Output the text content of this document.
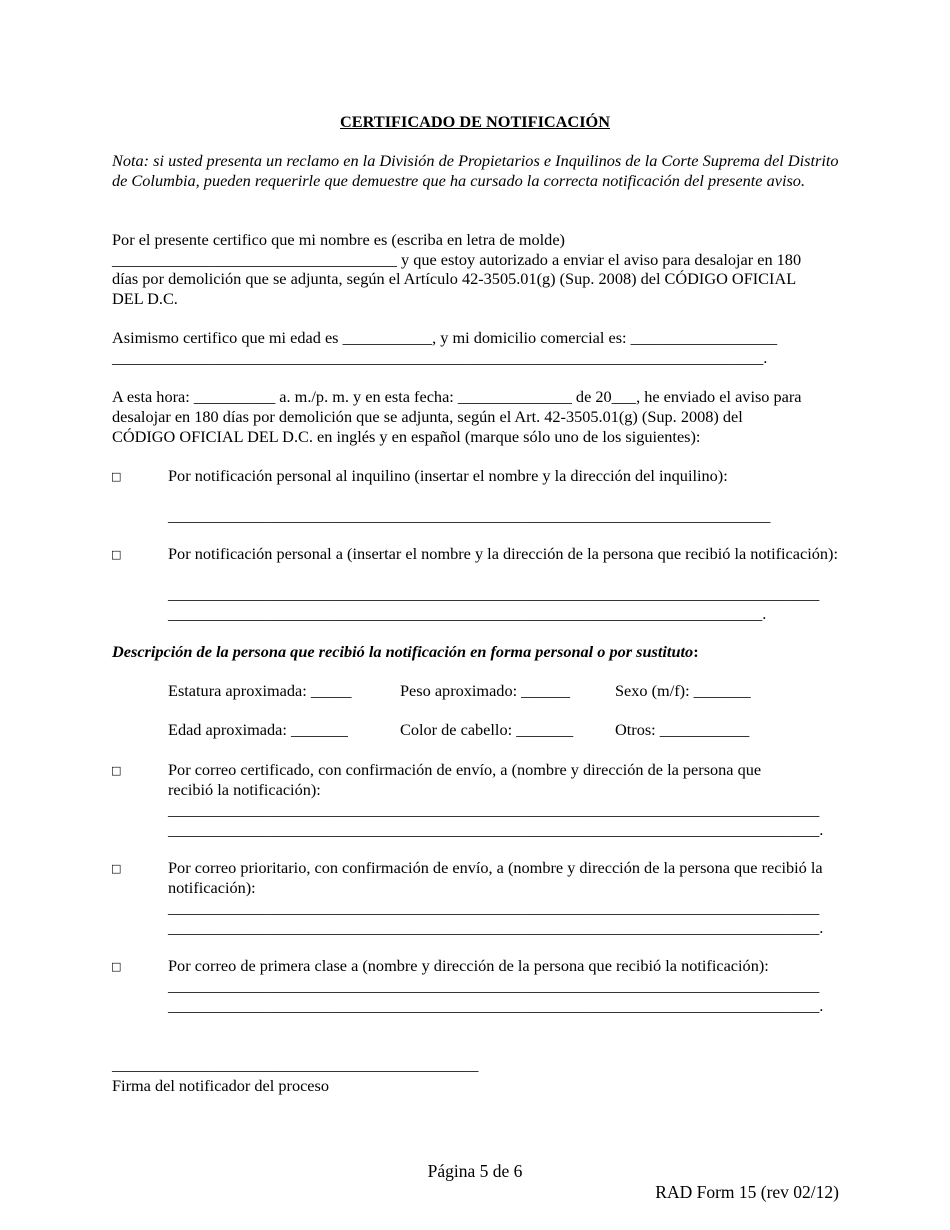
CERTIFICADO DE NOTIFICACIÓN
Nota: si usted presenta un reclamo en la División de Propietarios e Inquilinos de la Corte Suprema del Distrito de Columbia, pueden requerirle que demuestre que ha cursado la correcta notificación del presente aviso.
Por el presente certifico que mi nombre es (escriba en letra de molde)
___________________________________ y que estoy autorizado a enviar el aviso para desalojar en 180
días por demolición que se adjunta, según el Artículo 42-3505.01(g) (Sup. 2008) del CÓDIGO OFICIAL
DEL D.C.
Asimismo certifico que mi edad es ___________, y mi domicilio comercial es: __________________
________________________________________________________________________________.
A esta hora: __________ a. m./p. m. y en esta fecha: ______________ de 20___, he enviado el aviso para
desalojar en 180 días por demolición que se adjunta, según el Art. 42-3505.01(g) (Sup. 2008) del
CÓDIGO OFICIAL DEL D.C. en inglés y en español (marque sólo uno de los siguientes):
□	Por notificación personal al inquilino (insertar el nombre y la dirección del inquilino):
__________________________________________________________________________
□	Por notificación personal a (insertar el nombre y la dirección de la persona que recibió la notificación):
________________________________________________________________________________
_________________________________________________________________________.
Descripción de la persona que recibió la notificación en forma personal o por sustituto:
Estatura aproximada: _____	Peso aproximado: ______	Sexo (m/f): _______
Edad aproximada: _______	Color de cabello: _______	Otros: ___________
□	Por correo certificado, con confirmación de envío, a (nombre y dirección de la persona que recibió la notificación):
________________________________________________________________________________
________________________________________________________________________________.
□	Por correo prioritario, con confirmación de envío, a (nombre y dirección de la persona que recibió la notificación):
________________________________________________________________________________
________________________________________________________________________________.
□	Por correo de primera clase a (nombre y dirección de la persona que recibió la notificación):
________________________________________________________________________________
________________________________________________________________________________.
_____________________________________________
Firma del notificador del proceso
Página 5 de 6
RAD Form 15 (rev 02/12)
